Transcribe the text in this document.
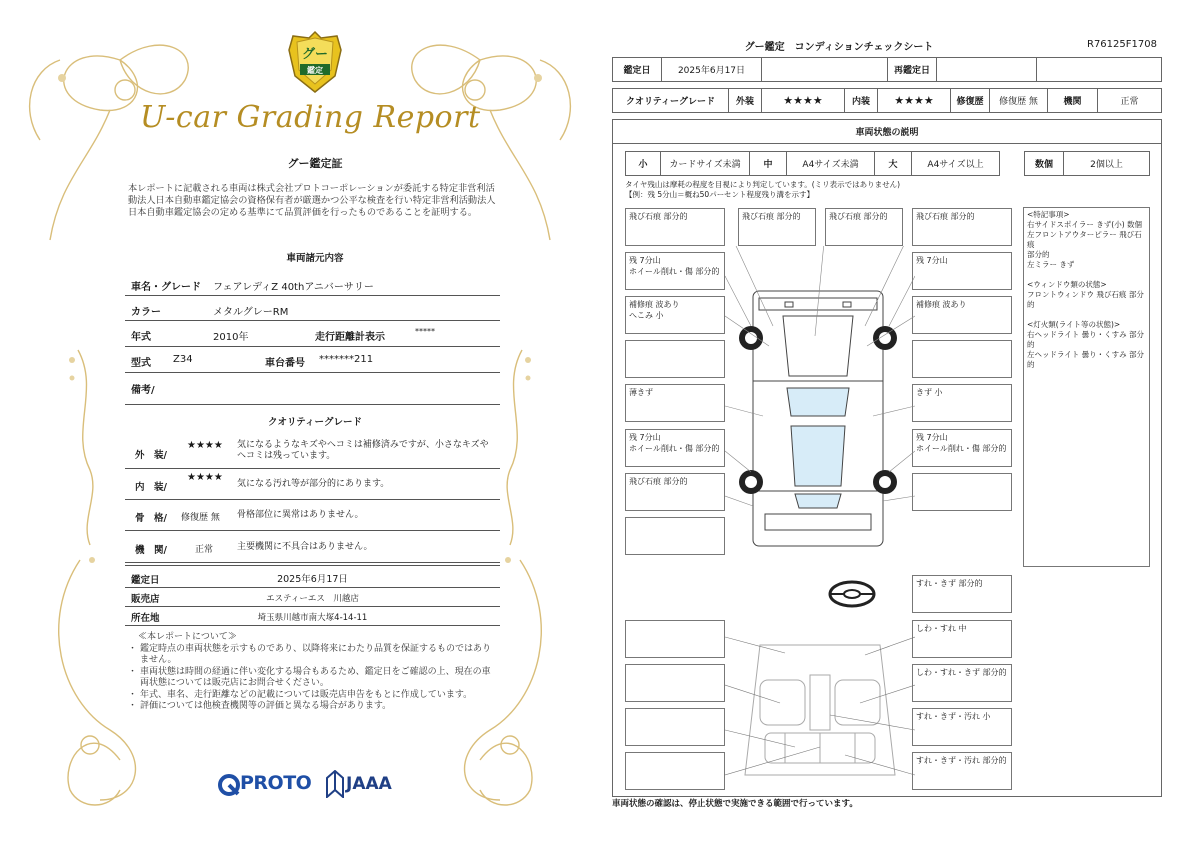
グー
鑑定
U-car Grading Report
グー鑑定証
本レポートに記載される車両は株式会社プロトコーポレーションが委託する特定非営利活動法人日本自動車鑑定協会の資格保有者が厳選かつ公平な検査を行い特定非営利活動法人日本自動車鑑定協会の定める基準にて品質評価を行ったものであることを証明する。
車両諸元内容
車名・グレード フェアレディZ 40thアニバーサリー
カラー	メタルグレーRM
年式	2010年	走行距離計表示
*****
型式 Z34	車台番号 *******211
備考/
クオリティーグレード
外　装/
★★★★ 気になるようなキズやヘコミは補修済みですが、小さなキズやヘコミは残っています。
内　装/
★★★★
気になる汚れ等が部分的にあります。
骨　格/ 修復歴 無 骨格部位に異常はありません。
機　関/	正常	主要機関に不具合はありません。
鑑定日	2025年6月17日
販売店	エスティーエス　川越店
所在地	埼玉県川越市南大塚4-14-11
≪本レポートについて≫
・ 鑑定時点の車両状態を示すものであり、以降将来にわたり品質を保証するものではありません。
・ 車両状態は時間の経過に伴い変化する場合もあるため、鑑定日をご確認の上、現在の車両状態については販売店にお問合せください。
・ 年式、車名、走行距離などの記載については販売店申告をもとに作成しています。
・ 評価については他検査機関等の評価と異なる場合があります。
PROTO JAAA
グー鑑定　コンディションチェックシート	R76125F1708
鑑定日	2025年6月17日	再鑑定日
クオリティーグレード	外装	★★★★	内装	★★★★	修復歴	修復歴 無	機関	正常
車両状態の説明
小	カードサイズ未満	中	A4サイズ未満	大	A4サイズ以上	数個	2個以上
タイヤ残山は摩耗の程度を目視により判定しています。(ミリ表示ではありません)
【例：残 5分山＝概ね50パーセント程度残り溝を示す】
飛び石痕 部分的
残 7分山
ホイール削れ・傷 部分的
補修痕 波あり
へこみ 小
薄きず
残 7分山
ホイール削れ・傷 部分的
飛び石痕 部分的
飛び石痕 部分的	飛び石痕 部分的	飛び石痕 部分的
残 7分山
補修痕 波あり
きず 小
残 7分山
ホイール削れ・傷 部分的
すれ・きず 部分的
しわ・すれ 中
しわ・すれ・きず 部分的
すれ・きず・汚れ 小
すれ・きず・汚れ 部分的
<特記事項>
右サイドスポイラー きず(小) 数個
左フロントアウターピラー 飛び石痕
部分的
左ミラー きず
<ウィンドウ類の状態>
フロントウィンドウ 飛び石痕 部分的
<灯火類(ライト等の状態)>
右ヘッドライト 曇り・くすみ 部分的
左ヘッドライト 曇り・くすみ 部分的
車両状態の確認は、停止状態で実施できる範囲で行っています。
